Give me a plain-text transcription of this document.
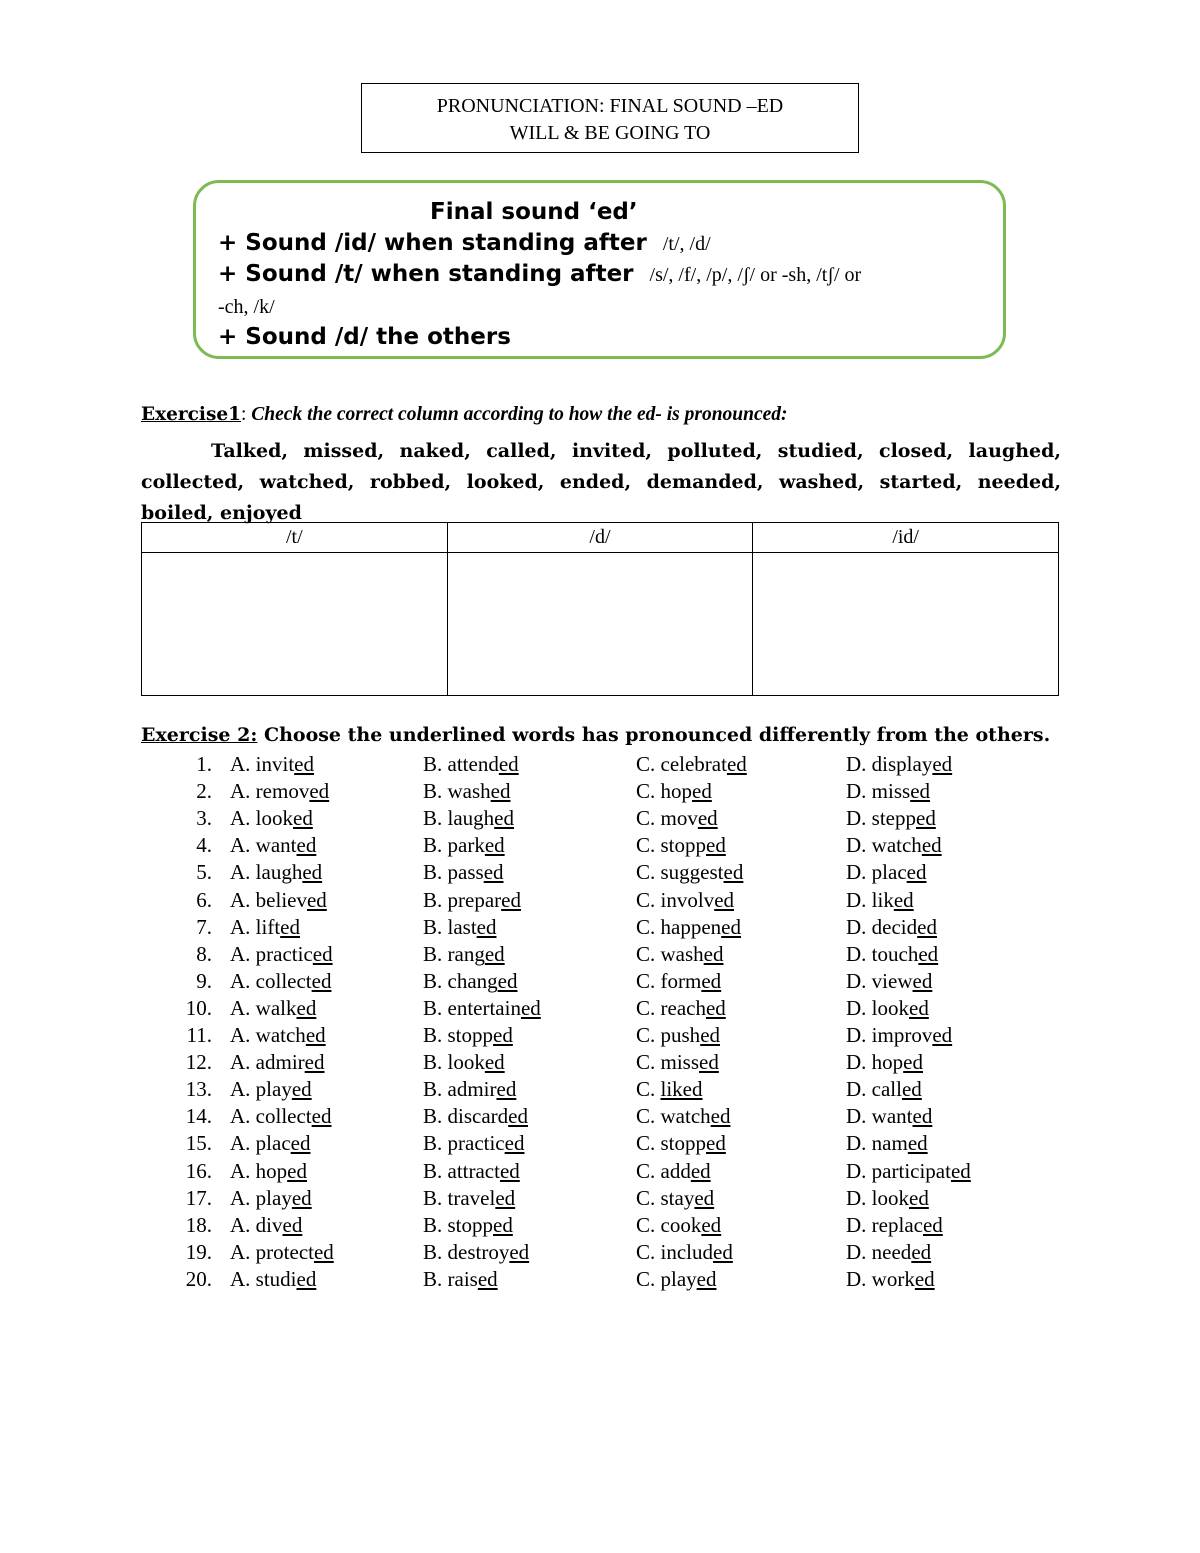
PRONUNCIATION: FINAL SOUND –ED
WILL & BE GOING TO
Final sound ‘ed’
+ Sound /id/ when standing after /t/, /d/
+ Sound /t/ when standing after /s/, /f/, /p/, /ʃ/ or -sh, /tʃ/ or
-ch, /k/
+ Sound /d/ the others
Exercise1: Check the correct column according to how the ed- is pronounced:
Talked, missed, naked, called, invited, polluted, studied, closed, laughed, collected, watched, robbed, looked, ended, demanded, washed, started, needed, boiled, enjoyed
/t/	/d/	/id/

Exercise 2: Choose the underlined words has pronounced differently from the others.
1. A. invited	B. attended	C. celebrated	D. displayed
2. A. removed	B. washed	C. hoped	D. missed
3. A. looked	B. laughed	C. moved	D. stepped
4. A. wanted	B. parked	C. stopped	D. watched
5. A. laughed	B. passed	C. suggested	D. placed
6. A. believed	B. prepared	C. involved	D. liked
7. A. lifted	B. lasted	C. happened	D. decided
8. A. practiced	B. ranged	C. washed	D. touched
9. A. collected	B. changed	C. formed	D. viewed
10. A. walked	B. entertained	C. reached	D. looked
11. A. watched	B. stopped	C. pushed	D. improved
12. A. admired	B. looked	C. missed	D. hoped
13. A. played	B. admired	C. liked	D. called
14. A. collected	B. discarded	C. watched	D. wanted
15. A. placed	B. practiced	C. stopped	D. named
16. A. hoped	B. attracted	C. added	D. participated
17. A. played	B. traveled	C. stayed	D. looked
18. A. dived	B. stopped	C. cooked	D. replaced
19. A. protected	B. destroyed	C. included	D. needed
20. A. studied	B. raised	C. played	D. worked
